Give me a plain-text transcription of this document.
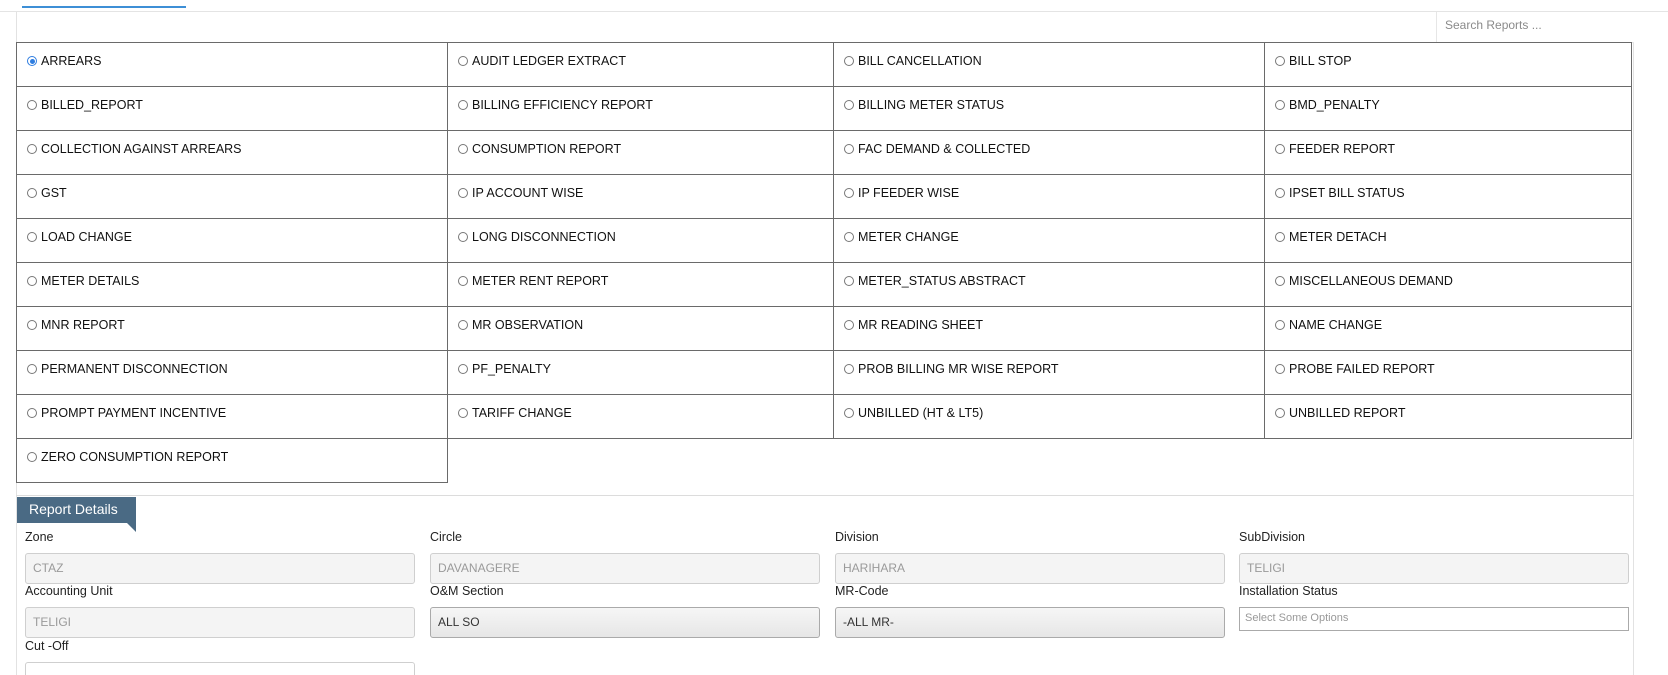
Search Reports ...
ARREARS	AUDIT LEDGER EXTRACT	BILL CANCELLATION	BILL STOP
BILLED_REPORT	BILLING EFFICIENCY REPORT	BILLING METER STATUS	BMD_PENALTY
COLLECTION AGAINST ARREARS	CONSUMPTION REPORT	FAC DEMAND & COLLECTED	FEEDER REPORT
GST	IP ACCOUNT WISE	IP FEEDER WISE	IPSET BILL STATUS
LOAD CHANGE	LONG DISCONNECTION	METER CHANGE	METER DETACH
METER DETAILS	METER RENT REPORT	METER_STATUS ABSTRACT	MISCELLANEOUS DEMAND
MNR REPORT	MR OBSERVATION	MR READING SHEET	NAME CHANGE
PERMANENT DISCONNECTION	PF_PENALTY	PROB BILLING MR WISE REPORT	PROBE FAILED REPORT
PROMPT PAYMENT INCENTIVE	TARIFF CHANGE	UNBILLED (HT & LT5)	UNBILLED REPORT
ZERO CONSUMPTION REPORT
Report Details
Zone
CTAZ
Circle
DAVANAGERE
Division
HARIHARA
SubDivision
TELIGI
Accounting Unit
TELIGI
O&M Section
ALL SO
MR-Code
-ALL MR-
Installation Status
Select Some Options
Cut -Off
